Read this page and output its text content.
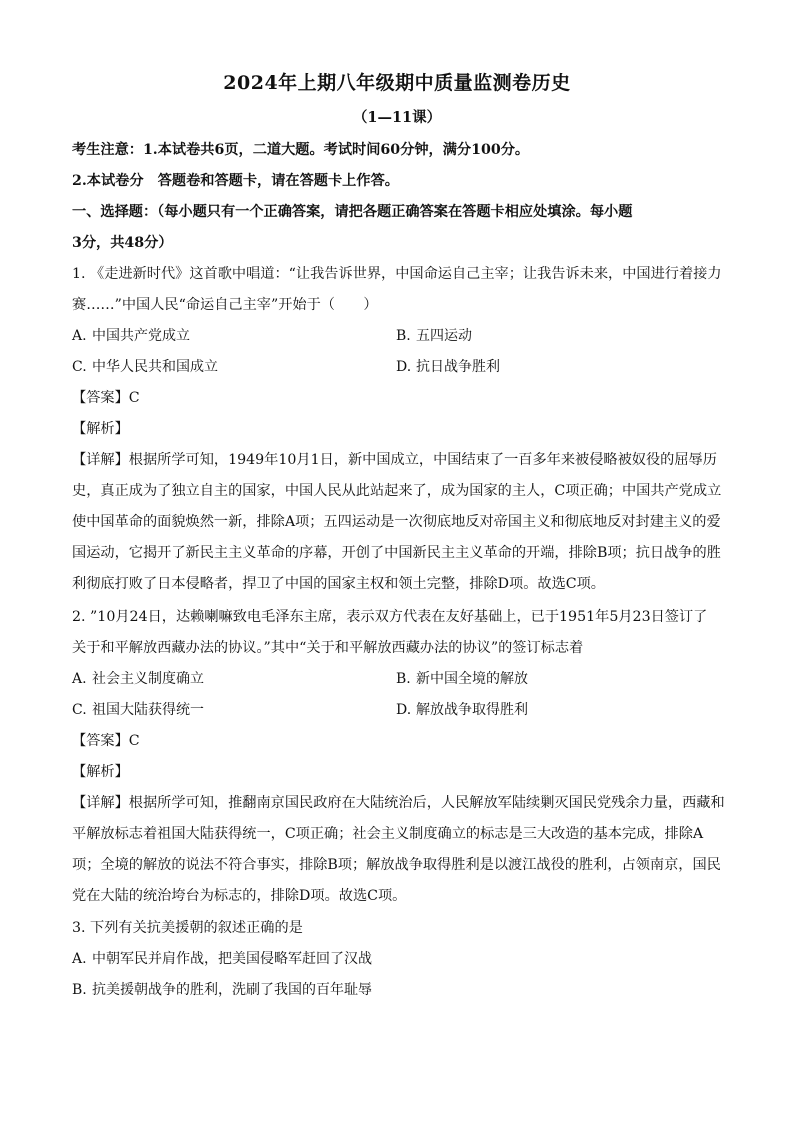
2024年上期八年级期中质量监测卷历史
（1—11课）
考生注意：1.本试卷共6页，二道大题。考试时间60分钟，满分100分。
2.本试卷分　答题卷和答题卡，请在答题卡上作答。
一、选择题：（每小题只有一个正确答案，请把各题正确答案在答题卡相应处填涂。每小题
3分，共48分）
1. 《走进新时代》这首歌中唱道：“让我告诉世界，中国命运自己主宰；让我告诉未来，中国进行着接力
赛……”中国人民“命运自己主宰”开始于（　　）
A. 中国共产党成立	B. 五四运动
C. 中华人民共和国成立	D. 抗日战争胜利
【答案】C
【解析】
【详解】根据所学可知，1949年10月1日，新中国成立，中国结束了一百多年来被侵略被奴役的屈辱历
史，真正成为了独立自主的国家，中国人民从此站起来了，成为国家的主人，C项正确；中国共产党成立
使中国革命的面貌焕然一新，排除A项；五四运动是一次彻底地反对帝国主义和彻底地反对封建主义的爱
国运动，它揭开了新民主主义革命的序幕，开创了中国新民主主义革命的开端，排除B项；抗日战争的胜
利彻底打败了日本侵略者，捍卫了中国的国家主权和领土完整，排除D项。故选C项。
2. ”10月24日，达赖喇嘛致电毛泽东主席，表示双方代表在友好基础上，已于1951年5月23日签订了
关于和平解放西藏办法的协议。”其中“关于和平解放西藏办法的协议”的签订标志着
A. 社会主义制度确立	B. 新中国全境的解放
C. 祖国大陆获得统一	D. 解放战争取得胜利
【答案】C
【解析】
【详解】根据所学可知，推翻南京国民政府在大陆统治后，人民解放军陆续剿灭国民党残余力量，西藏和
平解放标志着祖国大陆获得统一，C项正确；社会主义制度确立的标志是三大改造的基本完成，排除A
项；全境的解放的说法不符合事实，排除B项；解放战争取得胜利是以渡江战役的胜利，占领南京，国民
党在大陆的统治垮台为标志的，排除D项。故选C项。
3. 下列有关抗美援朝的叙述正确的是
A. 中朝军民并肩作战，把美国侵略军赶回了汉战
B. 抗美援朝战争的胜利，洗刷了我国的百年耻辱
